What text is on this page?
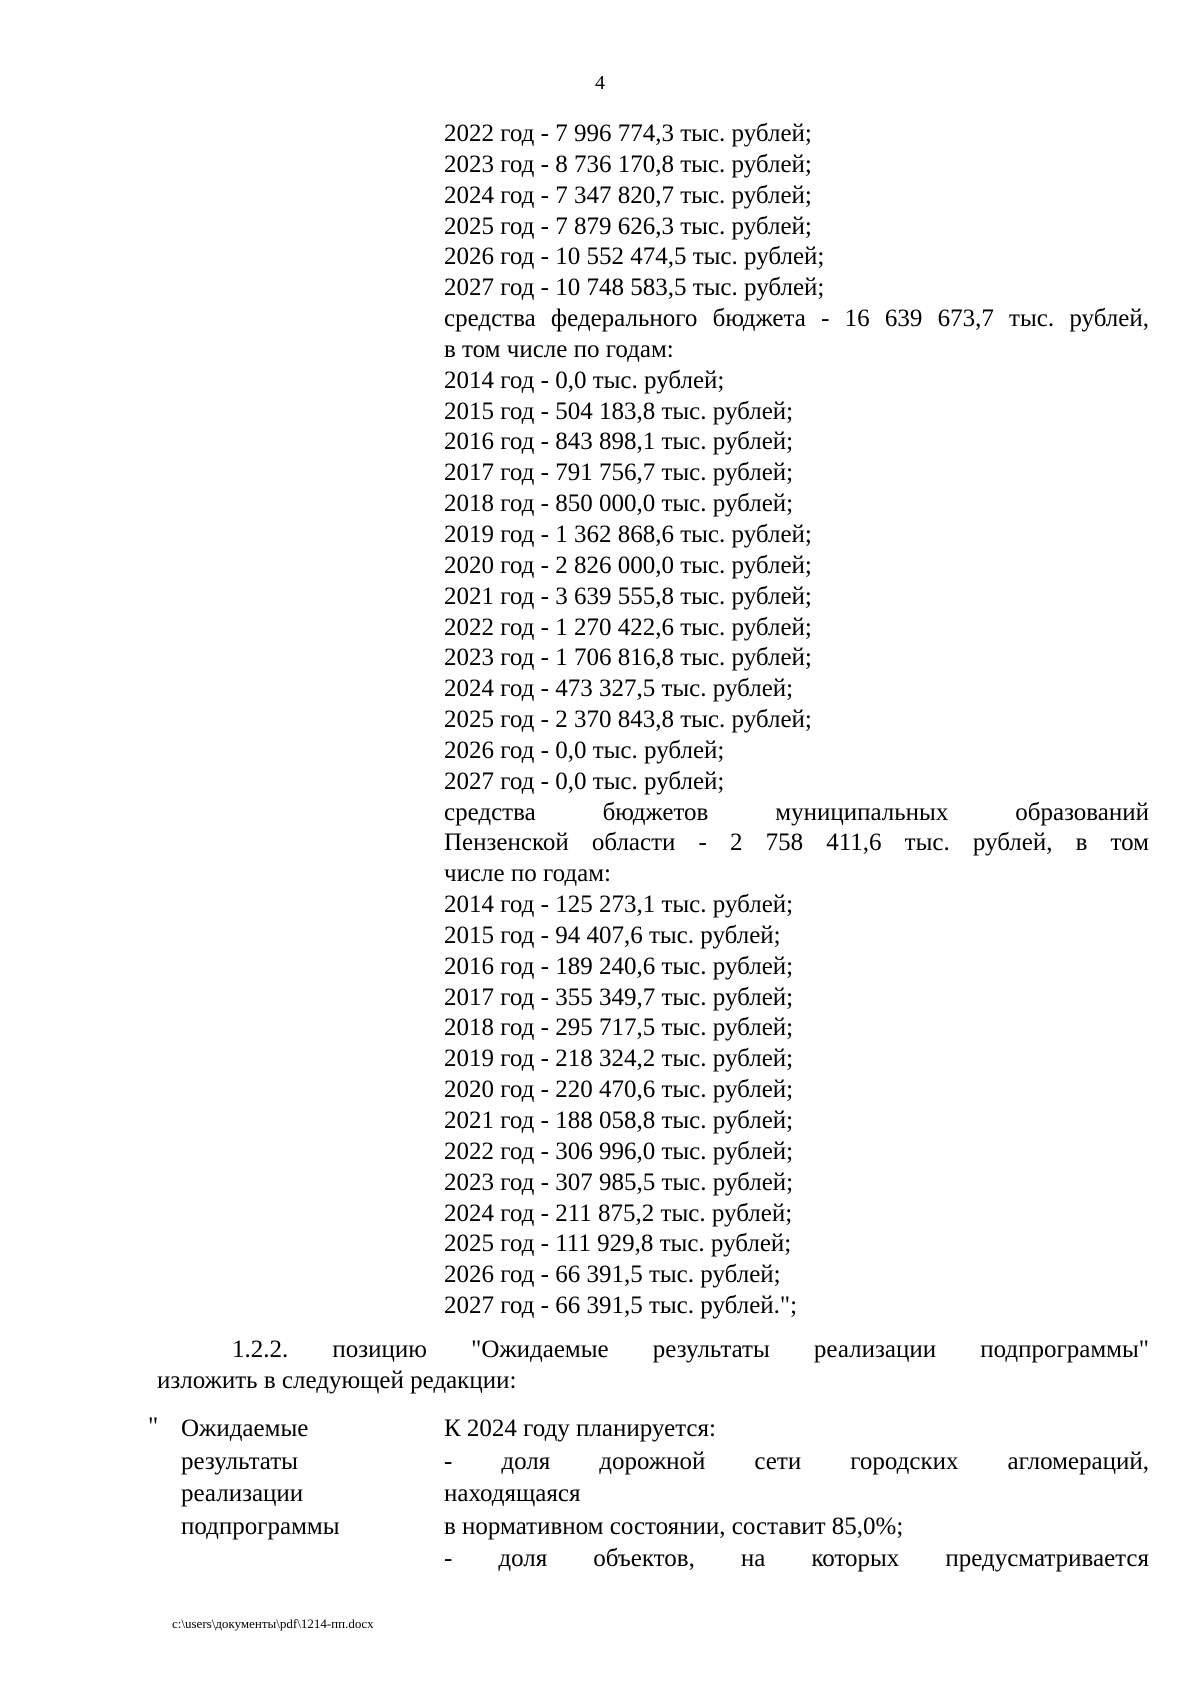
4
2022 год - 7 996 774,3 тыс. рублей;
2023 год - 8 736 170,8 тыс. рублей;
2024 год - 7 347 820,7 тыс. рублей;
2025 год - 7 879 626,3 тыс. рублей;
2026 год - 10 552 474,5 тыс. рублей;
2027 год - 10 748 583,5 тыс. рублей;
средства федерального бюджета - 16 639 673,7 тыс. рублей,
в том числе по годам:
2014 год - 0,0 тыс. рублей;
2015 год - 504 183,8 тыс. рублей;
2016 год - 843 898,1 тыс. рублей;
2017 год - 791 756,7 тыс. рублей;
2018 год - 850 000,0 тыс. рублей;
2019 год - 1 362 868,6 тыс. рублей;
2020 год - 2 826 000,0 тыс. рублей;
2021 год - 3 639 555,8 тыс. рублей;
2022 год - 1 270 422,6 тыс. рублей;
2023 год - 1 706 816,8 тыс. рублей;
2024 год - 473 327,5 тыс. рублей;
2025 год - 2 370 843,8 тыс. рублей;
2026 год - 0,0 тыс. рублей;
2027 год - 0,0 тыс. рублей;
средства бюджетов муниципальных образований
Пензенской области - 2 758 411,6 тыс. рублей, в том
числе по годам:
2014 год - 125 273,1 тыс. рублей;
2015 год - 94 407,6 тыс. рублей;
2016 год - 189 240,6 тыс. рублей;
2017 год - 355 349,7 тыс. рублей;
2018 год - 295 717,5 тыс. рублей;
2019 год - 218 324,2 тыс. рублей;
2020 год - 220 470,6 тыс. рублей;
2021 год - 188 058,8 тыс. рублей;
2022 год - 306 996,0 тыс. рублей;
2023 год - 307 985,5 тыс. рублей;
2024 год - 211 875,2 тыс. рублей;
2025 год - 111 929,8 тыс. рублей;
2026 год - 66 391,5 тыс. рублей;
2027 год - 66 391,5 тыс. рублей.";
1.2.2. позицию "Ожидаемые результаты реализации подпрограммы"
изложить в следующей редакции:
" Ожидаемые
результаты
реализации
подпрограммы
К 2024 году планируется:
- доля дорожной сети городских агломераций,
находящаяся
в нормативном состоянии, составит 85,0%;
- доля объектов, на которых предусматривается
c:\users\документы\pdf\1214-пп.docx
